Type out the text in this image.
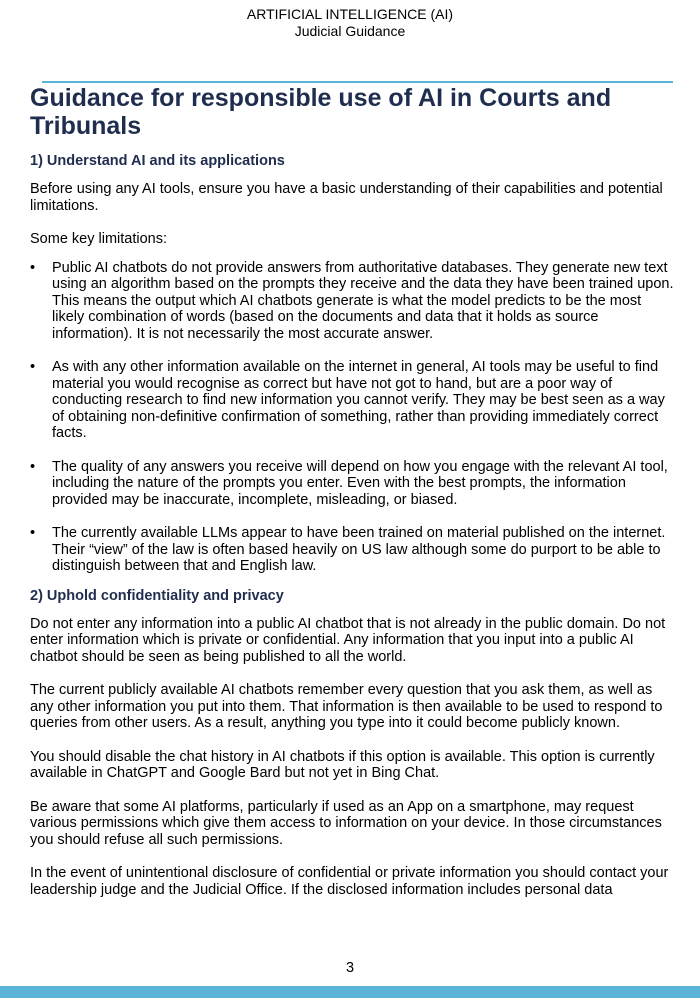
ARTIFICIAL INTELLIGENCE (AI)
Judicial Guidance
Guidance for responsible use of AI in Courts and Tribunals
1) Understand AI and its applications

Before using any AI tools, ensure you have a basic understanding of their capabilities and potential limitations.

Some key limitations:

• Public AI chatbots do not provide answers from authoritative databases. They generate new text using an algorithm based on the prompts they receive and the data they have been trained upon. This means the output which AI chatbots generate is what the model predicts to be the most likely combination of words (based on the documents and data that it holds as source information). It is not necessarily the most accurate answer.
• As with any other information available on the internet in general, AI tools may be useful to find material you would recognise as correct but have not got to hand, but are a poor way of conducting research to find new information you cannot verify. They may be best seen as a way of obtaining non-definitive confirmation of something, rather than providing immediately correct facts.
• The quality of any answers you receive will depend on how you engage with the relevant AI tool, including the nature of the prompts you enter. Even with the best prompts, the information provided may be inaccurate, incomplete, misleading, or biased.
• The currently available LLMs appear to have been trained on material published on the internet. Their “view” of the law is often based heavily on US law although some do purport to be able to distinguish between that and English law.
2) Uphold confidentiality and privacy

Do not enter any information into a public AI chatbot that is not already in the public domain. Do not enter information which is private or confidential. Any information that you input into a public AI chatbot should be seen as being published to all the world.

The current publicly available AI chatbots remember every question that you ask them, as well as any other information you put into them. That information is then available to be used to respond to queries from other users. As a result, anything you type into it could become publicly known.

You should disable the chat history in AI chatbots if this option is available. This option is currently available in ChatGPT and Google Bard but not yet in Bing Chat.

Be aware that some AI platforms, particularly if used as an App on a smartphone, may request various permissions which give them access to information on your device. In those circumstances you should refuse all such permissions.

In the event of unintentional disclosure of confidential or private information you should contact your leadership judge and the Judicial Office. If the disclosed information includes personal data

3
